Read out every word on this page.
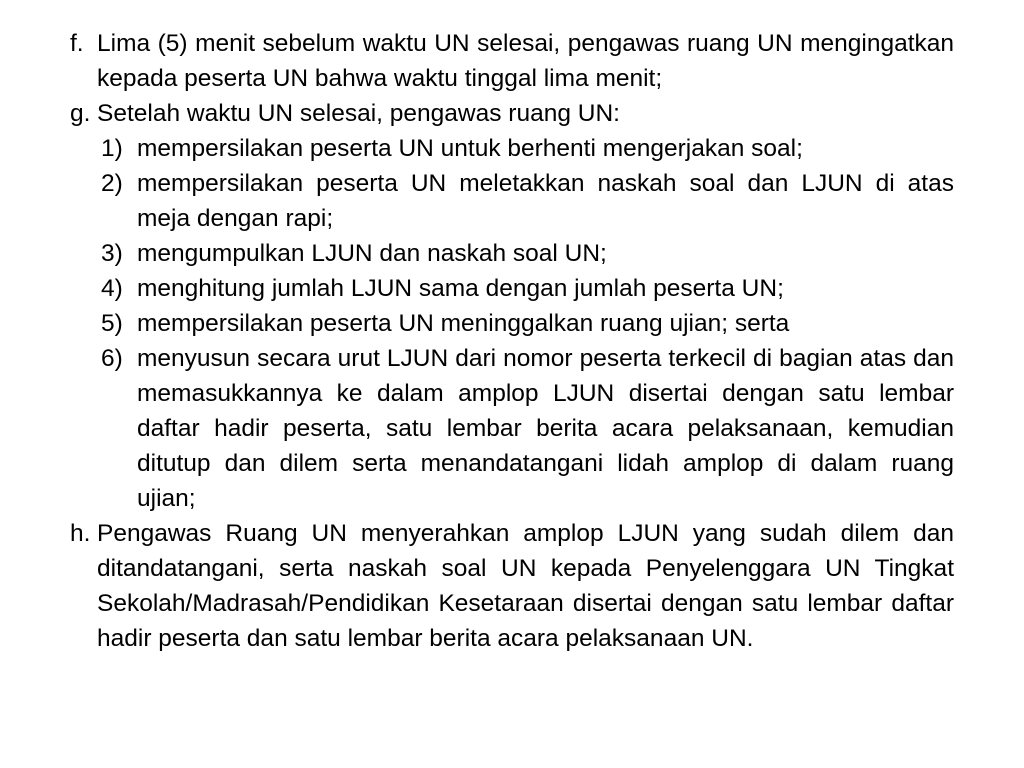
f. Lima (5) menit sebelum waktu UN selesai, pengawas ruang UN mengingatkan kepada peserta UN bahwa waktu tinggal lima menit;
g. Setelah waktu UN selesai, pengawas ruang UN:
1) mempersilakan peserta UN untuk berhenti mengerjakan soal;
2) mempersilakan peserta UN meletakkan naskah soal dan LJUN di atas meja dengan rapi;
3) mengumpulkan LJUN dan naskah soal UN;
4) menghitung jumlah LJUN sama dengan jumlah peserta UN;
5) mempersilakan peserta UN meninggalkan ruang ujian; serta
6) menyusun secara urut LJUN dari nomor peserta terkecil di bagian atas dan memasukkannya ke dalam amplop LJUN disertai dengan satu lembar daftar hadir peserta, satu lembar berita acara pelaksanaan, kemudian ditutup dan dilem serta menandatangani lidah amplop di dalam ruang ujian;
h. Pengawas Ruang UN menyerahkan amplop LJUN yang sudah dilem dan ditandatangani, serta naskah soal UN kepada Penyelenggara UN Tingkat Sekolah/Madrasah/Pendidikan Kesetaraan disertai dengan satu lembar daftar hadir peserta dan satu lembar berita acara pelaksanaan UN.
